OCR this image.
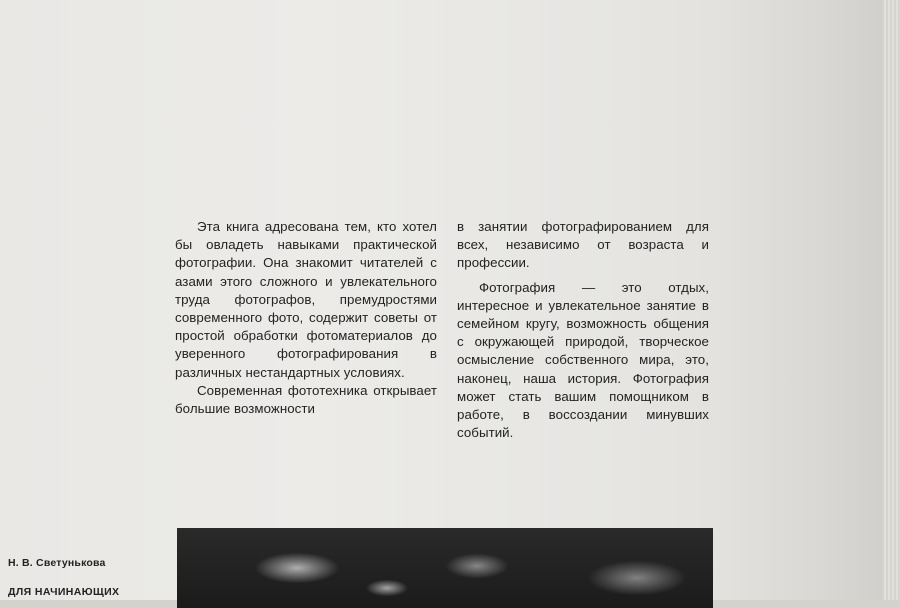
Эта книга адресована тем, кто хотел бы овладеть навыками практической фотографии. Она знакомит читателей с азами этого сложного и увлекательного труда фотографов, премудростями современного фото, содержит советы от простой обработки фотоматериалов до уверенного фотографирования в различных нестандартных условиях.

Современная фототехника открывает большие возможности

в занятии фотографированием для всех, независимо от возраста и профессии.

Фотография — это отдых, интересное и увлекательное занятие в семейном кругу, возможность общения с окружающей природой, творческое осмысление собственного мира, это, наконец, наша история. Фотография может стать вашим помощником в работе, в воссоздании минувших событий.

Н. В. Светунькова
ДЛЯ НАЧИНАЮЩИХ
